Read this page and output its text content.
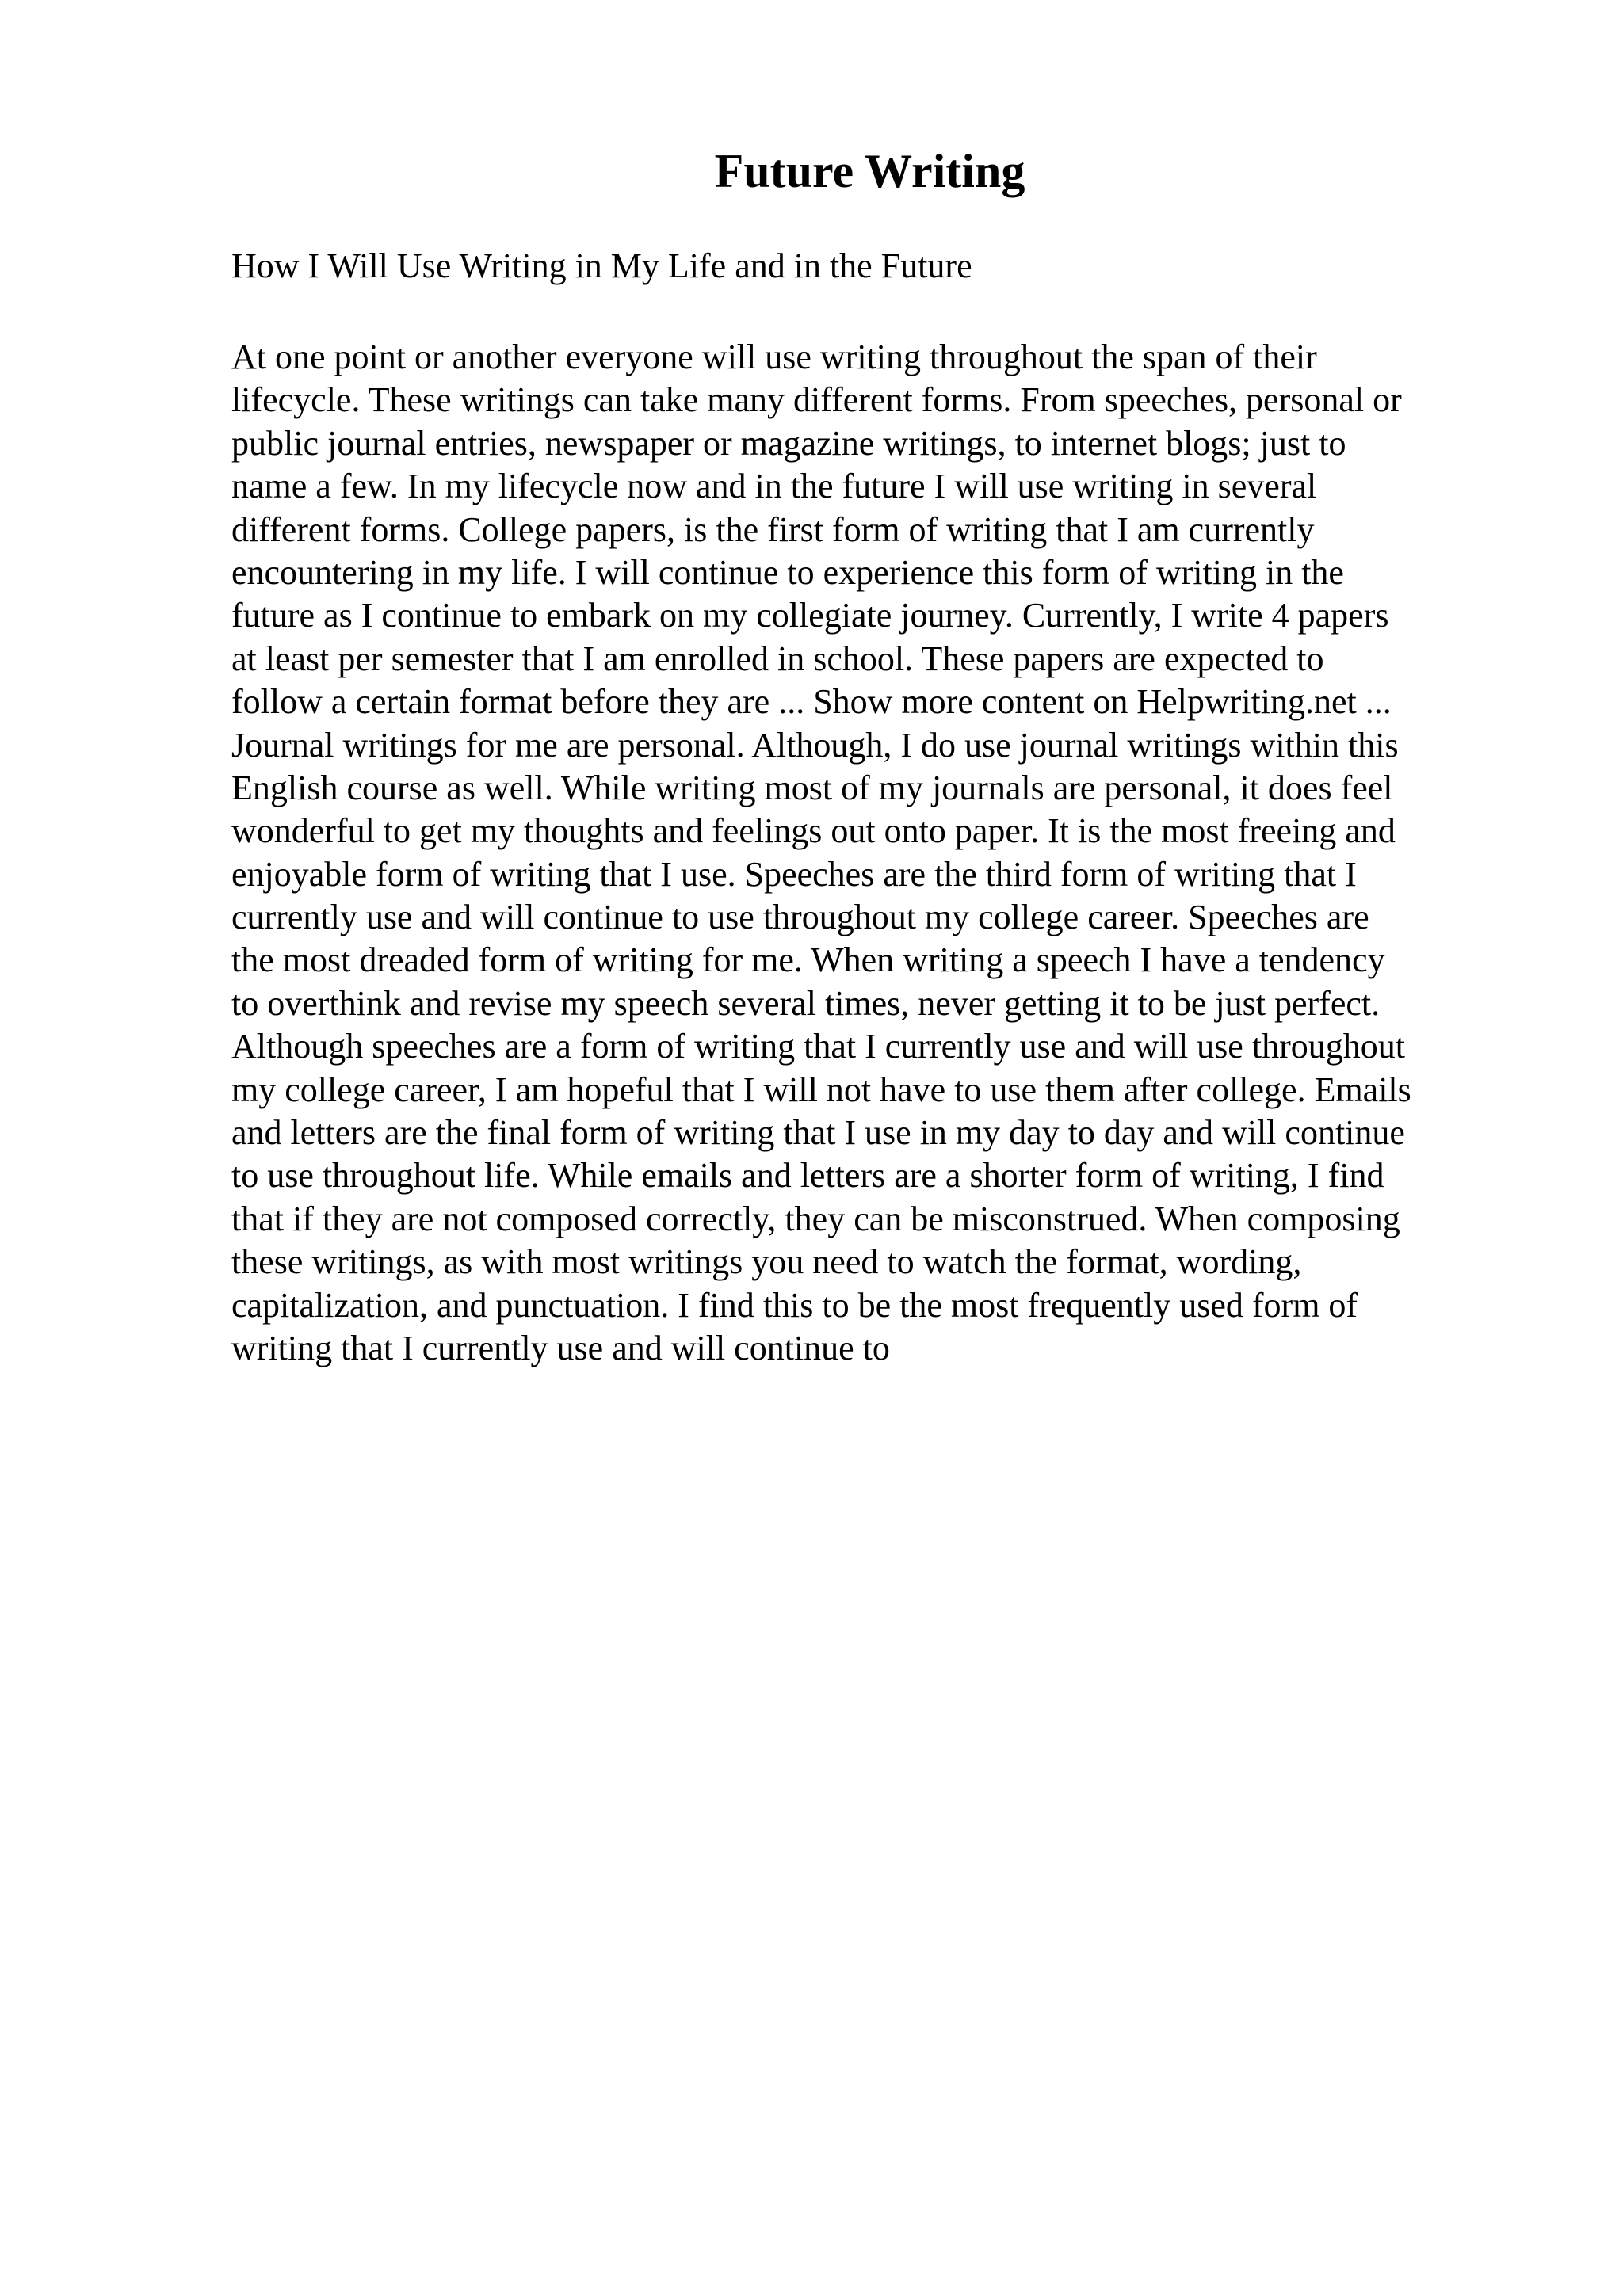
Future Writing

How I Will Use Writing in My Life and in the Future

At one point or another everyone will use writing throughout the span of their
lifecycle. These writings can take many different forms. From speeches, personal or
public journal entries, newspaper or magazine writings, to internet blogs; just to
name a few. In my lifecycle now and in the future I will use writing in several
different forms. College papers, is the first form of writing that I am currently
encountering in my life. I will continue to experience this form of writing in the
future as I continue to embark on my collegiate journey. Currently, I write 4 papers
at least per semester that I am enrolled in school. These papers are expected to
follow a certain format before they are ... Show more content on Helpwriting.net ...
Journal writings for me are personal. Although, I do use journal writings within this
English course as well. While writing most of my journals are personal, it does feel
wonderful to get my thoughts and feelings out onto paper. It is the most freeing and
enjoyable form of writing that I use. Speeches are the third form of writing that I
currently use and will continue to use throughout my college career. Speeches are
the most dreaded form of writing for me. When writing a speech I have a tendency
to overthink and revise my speech several times, never getting it to be just perfect.
Although speeches are a form of writing that I currently use and will use throughout
my college career, I am hopeful that I will not have to use them after college. Emails
and letters are the final form of writing that I use in my day to day and will continue
to use throughout life. While emails and letters are a shorter form of writing, I find
that if they are not composed correctly, they can be misconstrued. When composing
these writings, as with most writings you need to watch the format, wording,
capitalization, and punctuation. I find this to be the most frequently used form of
writing that I currently use and will continue to
